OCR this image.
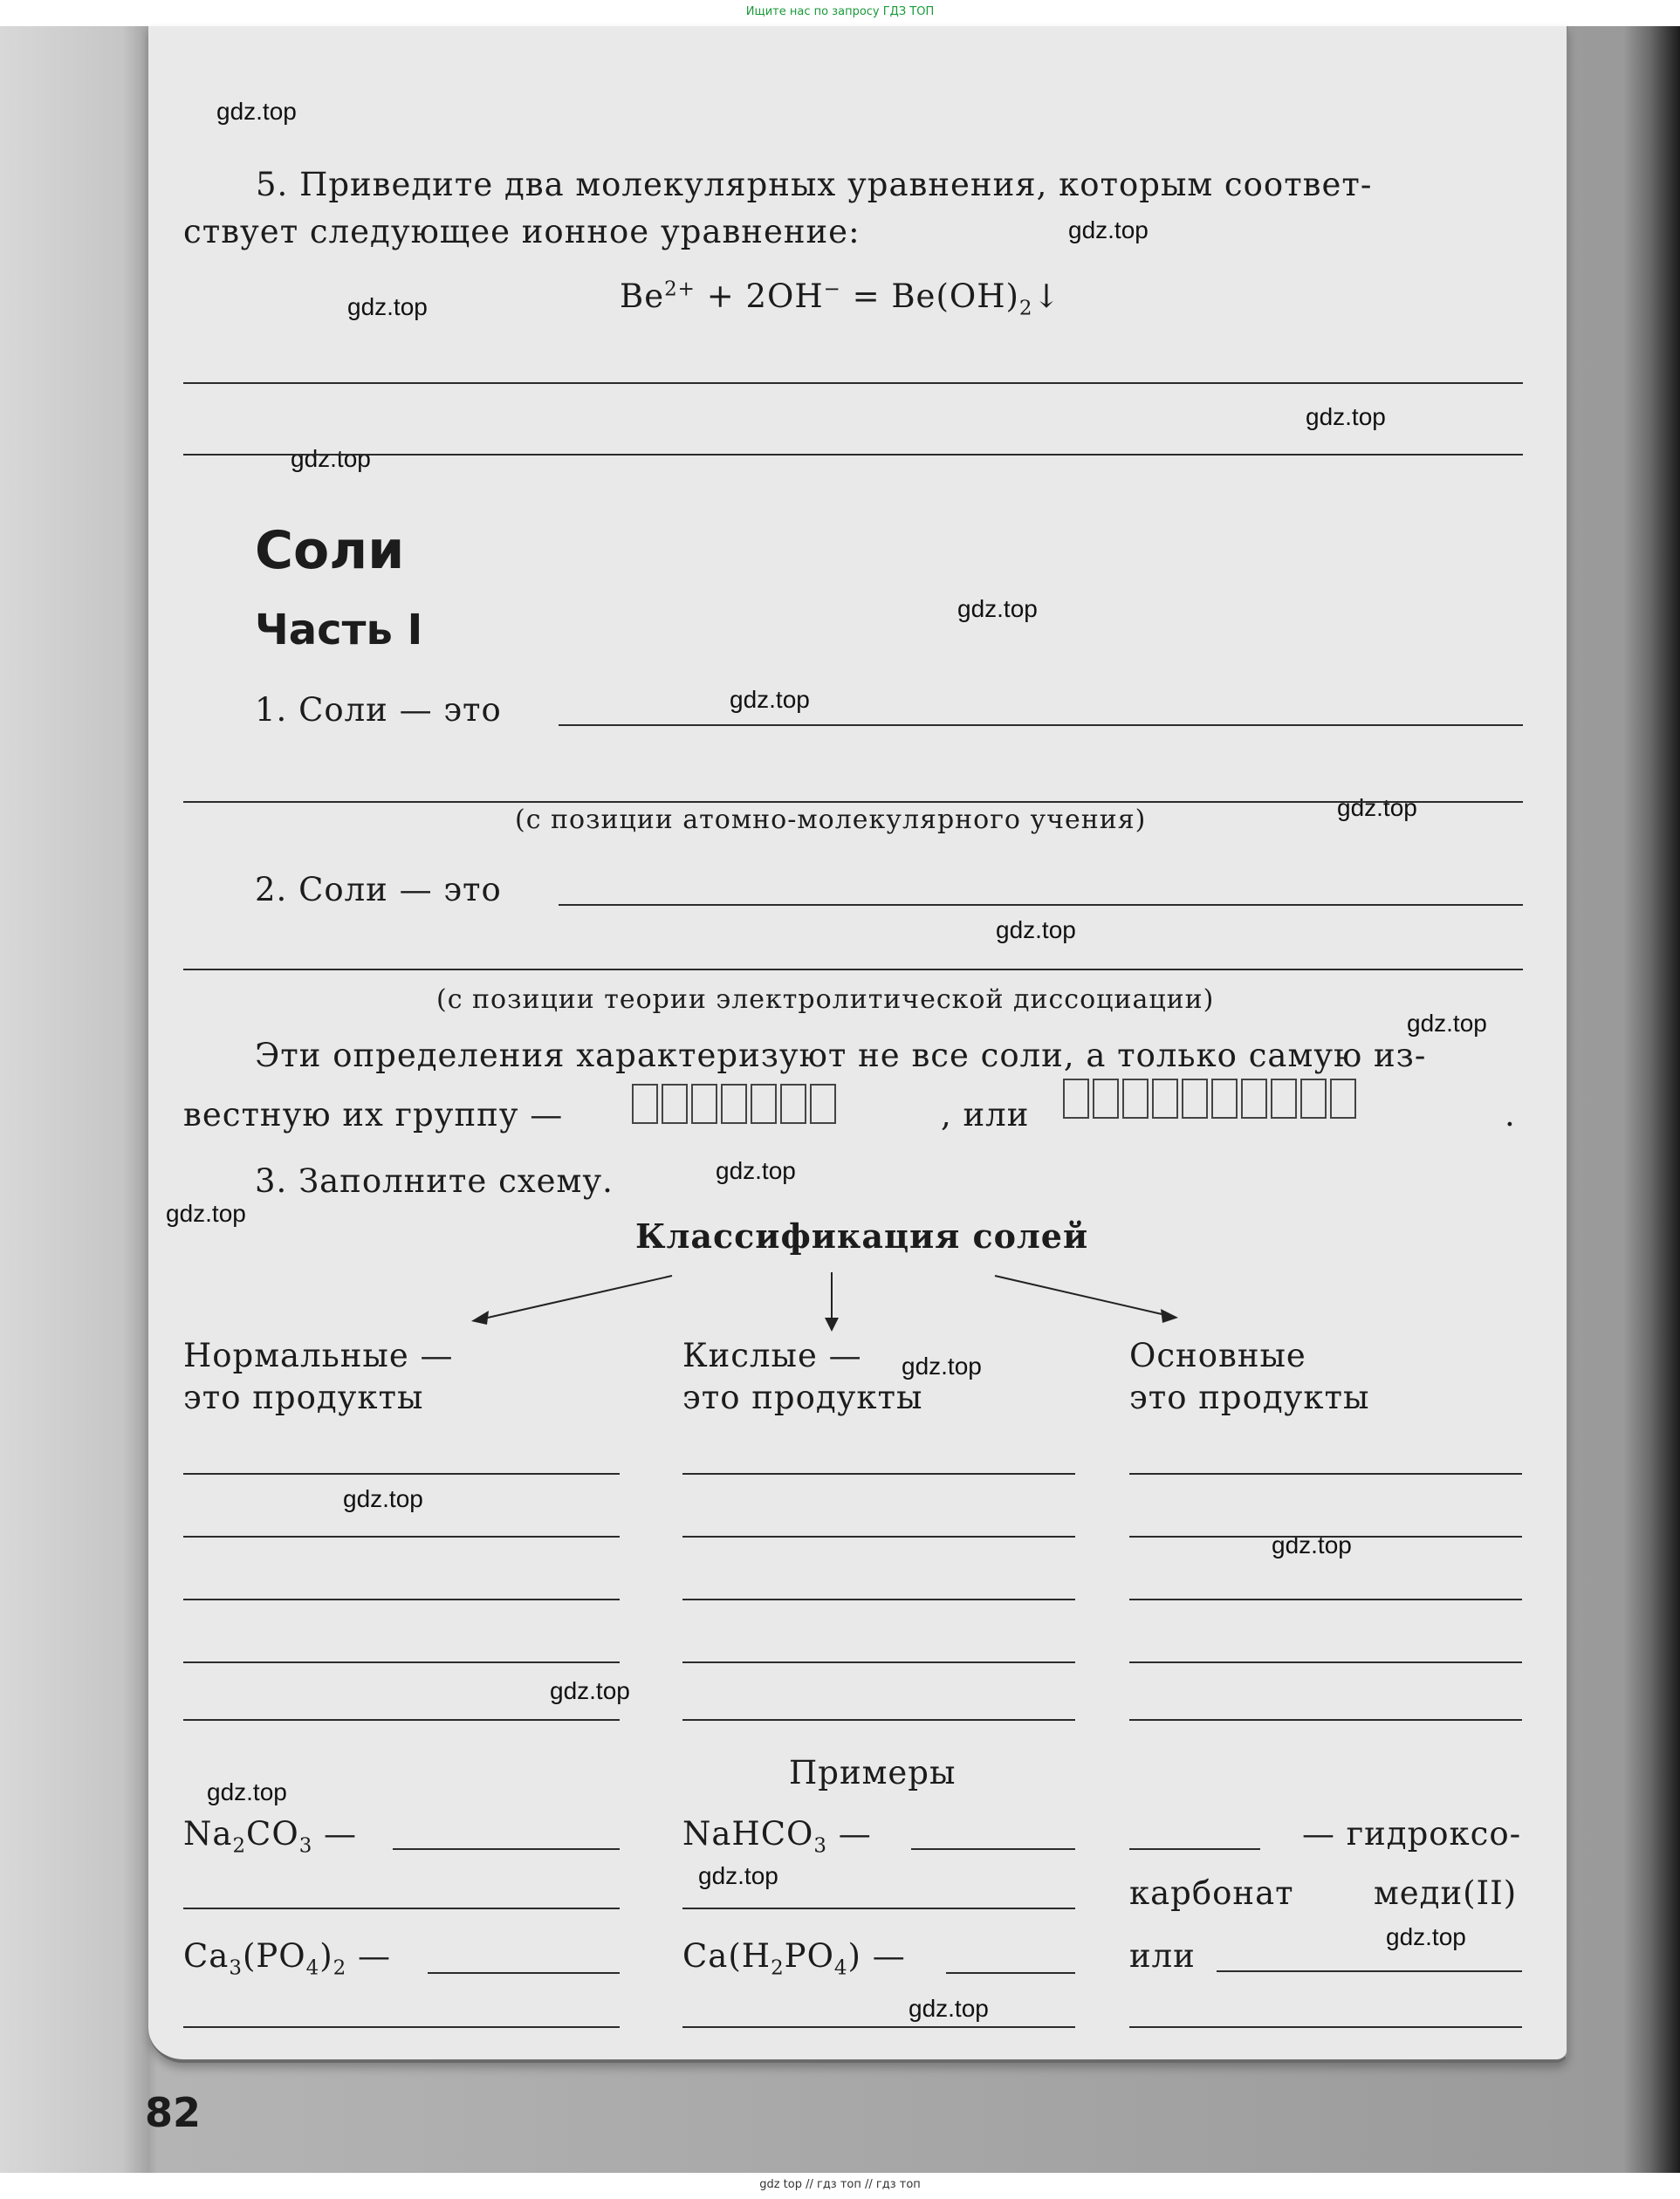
Ищите нас по запросу ГДЗ ТОП
gdz top // гдз топ // гдз топ
gdz.top
gdz.top
gdz.top
gdz.top
gdz.top
gdz.top
gdz.top
gdz.top
gdz.top
gdz.top
gdz.top
gdz.top
gdz.top
gdz.top
gdz.top
gdz.top
gdz.top
gdz.top
gdz.top
gdz.top
5. Приведите два молекулярных уравнения, которым соответ-
ствует следующее ионное уравнение:
$Be^{2+} + 2OH^-$ = $Be(OH)_2↓$
Соли
Часть I
1. Соли — это
(с позиции атомно-молекулярного учения)
2. Соли — это
(с позиции теории электролитической диссоциации)
Эти определения характеризуют не все соли, а только самую из-
вестную их группу —	, или	.
3. Заполните схему.
Классификация солей
Нормальные —
это продукты
Кислые —
это продукты
Основные
это продукты
Примеры
$Na_2CO_3$ —	NaHCO$_3$ —	— гидроксо-
карбонат меди(II)
$Ca_3(PO_4)_2$ —	$Ca(H_2PO_4)$ —	или
82
